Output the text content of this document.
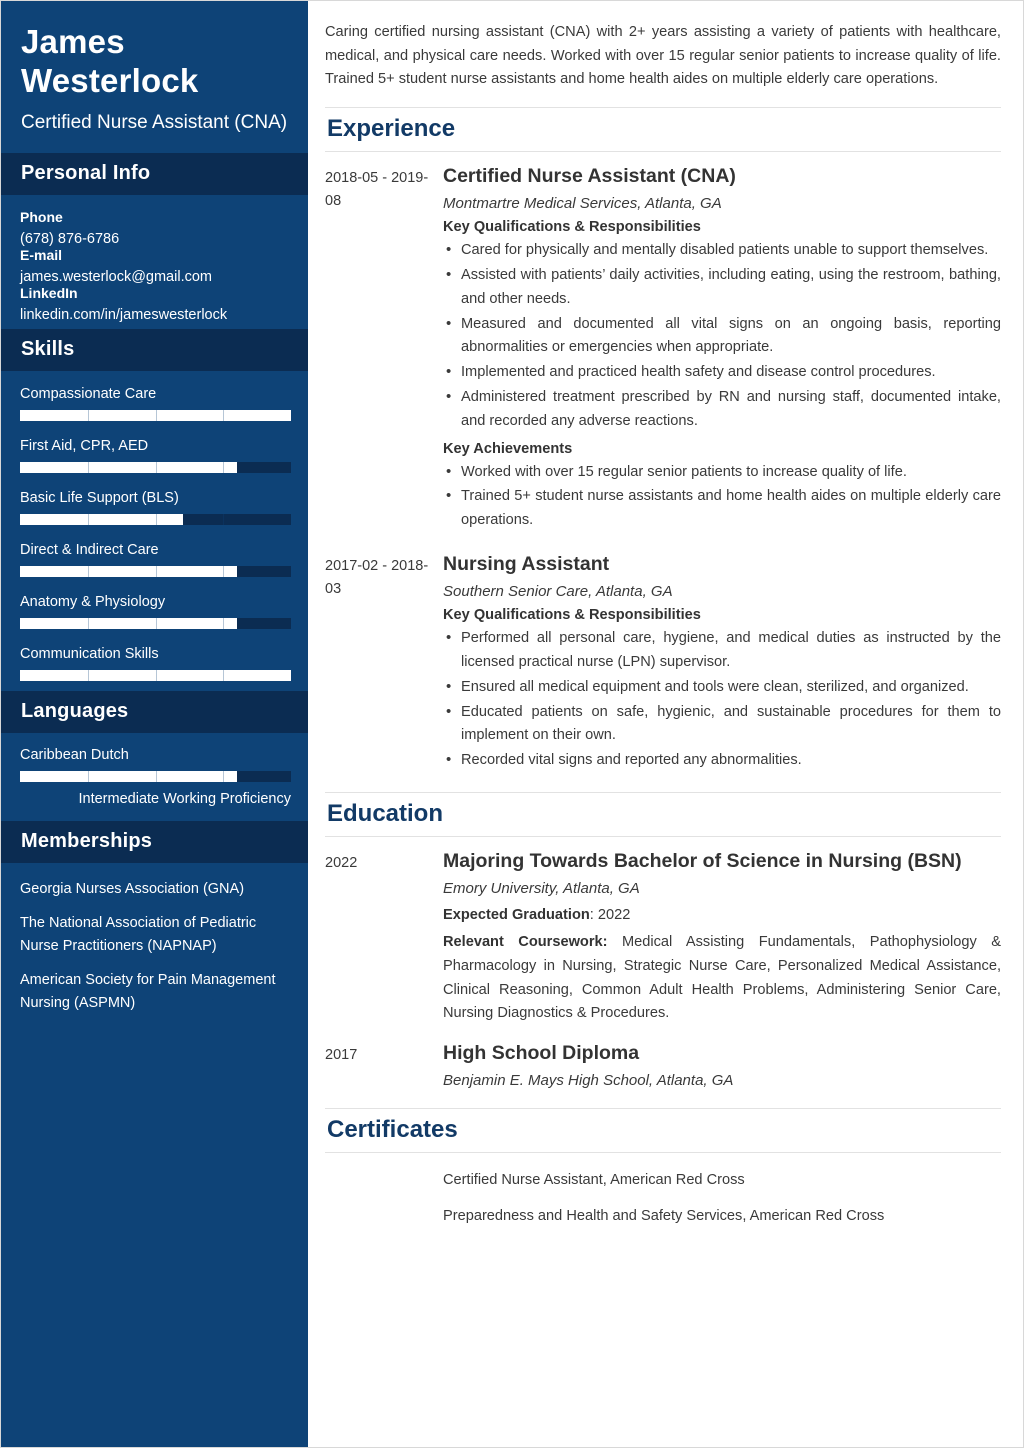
James Westerlock
Certified Nurse Assistant (CNA)
Personal Info
Phone
(678) 876-6786
E-mail
james.westerlock@gmail.com
LinkedIn
linkedin.com/in/jameswesterlock
Skills
Compassionate Care
First Aid, CPR, AED
Basic Life Support (BLS)
Direct & Indirect Care
Anatomy & Physiology
Communication Skills
Languages
Caribbean Dutch
Intermediate Working Proficiency
Memberships
Georgia Nurses Association (GNA)
The National Association of Pediatric Nurse Practitioners (NAPNAP)
American Society for Pain Management Nursing (ASPMN)
Caring certified nursing assistant (CNA) with 2+ years assisting a variety of patients with healthcare, medical, and physical care needs. Worked with over 15 regular senior patients to increase quality of life. Trained 5+ student nurse assistants and home health aides on multiple elderly care operations.
Experience
2018-05 - 2019-08
Certified Nurse Assistant (CNA)
Montmartre Medical Services, Atlanta, GA
Key Qualifications & Responsibilities
• Cared for physically and mentally disabled patients unable to support themselves.
• Assisted with patients’ daily activities, including eating, using the restroom, bathing, and other needs.
• Measured and documented all vital signs on an ongoing basis, reporting abnormalities or emergencies when appropriate.
• Implemented and practiced health safety and disease control procedures.
• Administered treatment prescribed by RN and nursing staff, documented intake, and recorded any adverse reactions.
Key Achievements
• Worked with over 15 regular senior patients to increase quality of life.
• Trained 5+ student nurse assistants and home health aides on multiple elderly care operations.
2017-02 - 2018-03
Nursing Assistant
Southern Senior Care, Atlanta, GA
Key Qualifications & Responsibilities
• Performed all personal care, hygiene, and medical duties as instructed by the licensed practical nurse (LPN) supervisor.
• Ensured all medical equipment and tools were clean, sterilized, and organized.
• Educated patients on safe, hygienic, and sustainable procedures for them to implement on their own.
• Recorded vital signs and reported any abnormalities.
Education
2022	Majoring Towards Bachelor of Science in Nursing (BSN)
Emory University, Atlanta, GA
Expected Graduation: 2022
Relevant Coursework: Medical Assisting Fundamentals, Pathophysiology & Pharmacology in Nursing, Strategic Nurse Care, Personalized Medical Assistance, Clinical Reasoning, Common Adult Health Problems, Administering Senior Care, Nursing Diagnostics & Procedures.
2017	High School Diploma
Benjamin E. Mays High School, Atlanta, GA
Certificates
Certified Nurse Assistant, American Red Cross
Preparedness and Health and Safety Services, American Red Cross
